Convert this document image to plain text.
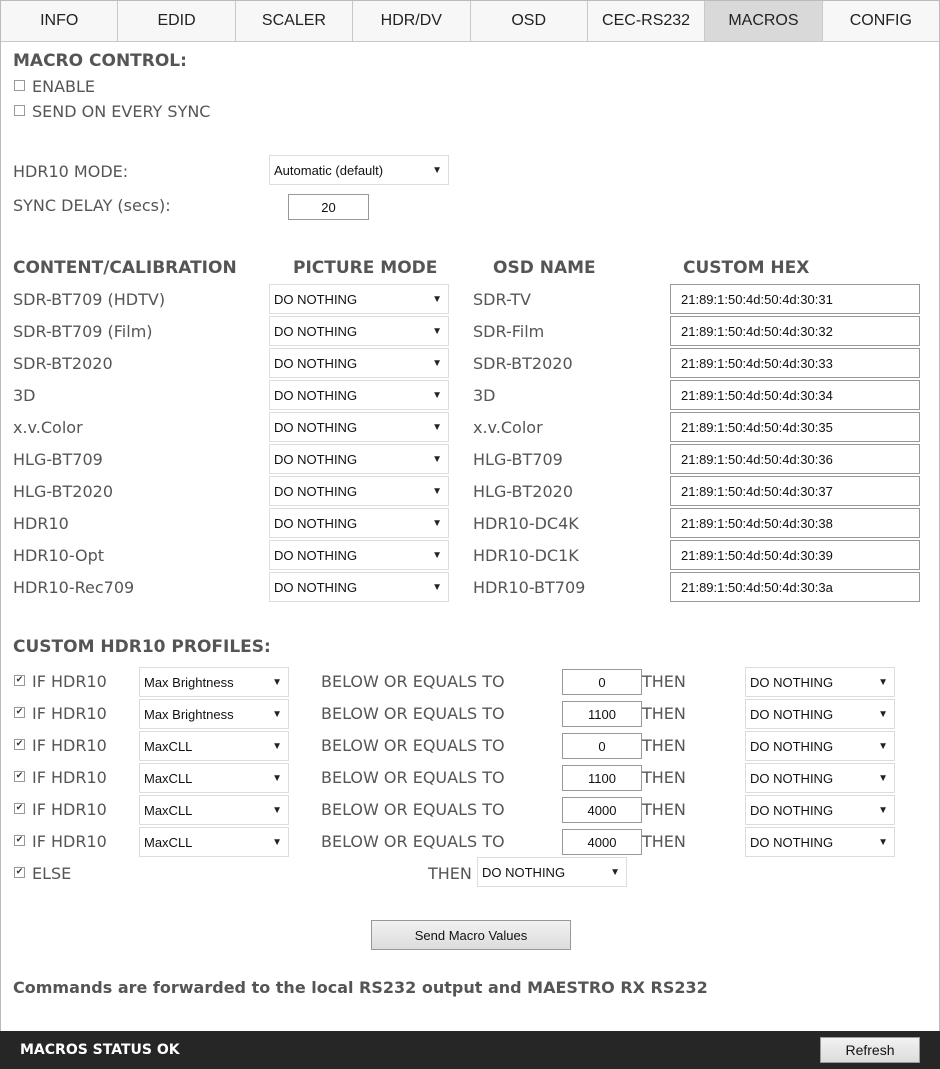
INFO	EDID	SCALER	HDR/DV	OSD	CEC-RS232	MACROS	CONFIG
MACRO CONTROL:
ENABLE
SEND ON EVERY SYNC
HDR10 MODE:	Automatic (default)	▼
SYNC DELAY (secs):	20
CONTENT/CALIBRATION	PICTURE MODE	OSD NAME	CUSTOM HEX
SDR-BT709 (HDTV)	DO NOTHING	▼	SDR-TV	21:89:1:50:4d:50:4d:30:31
SDR-BT709 (Film)	DO NOTHING	▼	SDR-Film	21:89:1:50:4d:50:4d:30:32
SDR-BT2020	DO NOTHING	▼	SDR-BT2020	21:89:1:50:4d:50:4d:30:33
3D	DO NOTHING	▼	3D	21:89:1:50:4d:50:4d:30:34
x.v.Color	DO NOTHING	▼	x.v.Color	21:89:1:50:4d:50:4d:30:35
HLG-BT709	DO NOTHING	▼	HLG-BT709	21:89:1:50:4d:50:4d:30:36
HLG-BT2020	DO NOTHING	▼	HLG-BT2020	21:89:1:50:4d:50:4d:30:37
HDR10	DO NOTHING	▼	HDR10-DC4K	21:89:1:50:4d:50:4d:30:38
HDR10-Opt	DO NOTHING	▼	HDR10-DC1K	21:89:1:50:4d:50:4d:30:39
HDR10-Rec709	DO NOTHING	▼	HDR10-BT709	21:89:1:50:4d:50:4d:30:3a
CUSTOM HDR10 PROFILES:
✔ IF HDR10	Max Brightness	▼	BELOW OR EQUALS TO	0	THEN	DO NOTHING	▼
✔ IF HDR10	Max Brightness	▼	BELOW OR EQUALS TO	1100	THEN	DO NOTHING	▼
✔ IF HDR10	MaxCLL	▼	BELOW OR EQUALS TO	0	THEN	DO NOTHING	▼
✔ IF HDR10	MaxCLL	▼	BELOW OR EQUALS TO	1100	THEN	DO NOTHING	▼
✔ IF HDR10	MaxCLL	▼	BELOW OR EQUALS TO	4000	THEN	DO NOTHING	▼
✔ IF HDR10	MaxCLL	▼	BELOW OR EQUALS TO	4000	THEN	DO NOTHING	▼
✔ ELSE	THEN DO NOTHING	▼
Send Macro Values
Commands are forwarded to the local RS232 output and MAESTRO RX RS232
MACROS STATUS OK	Refresh
